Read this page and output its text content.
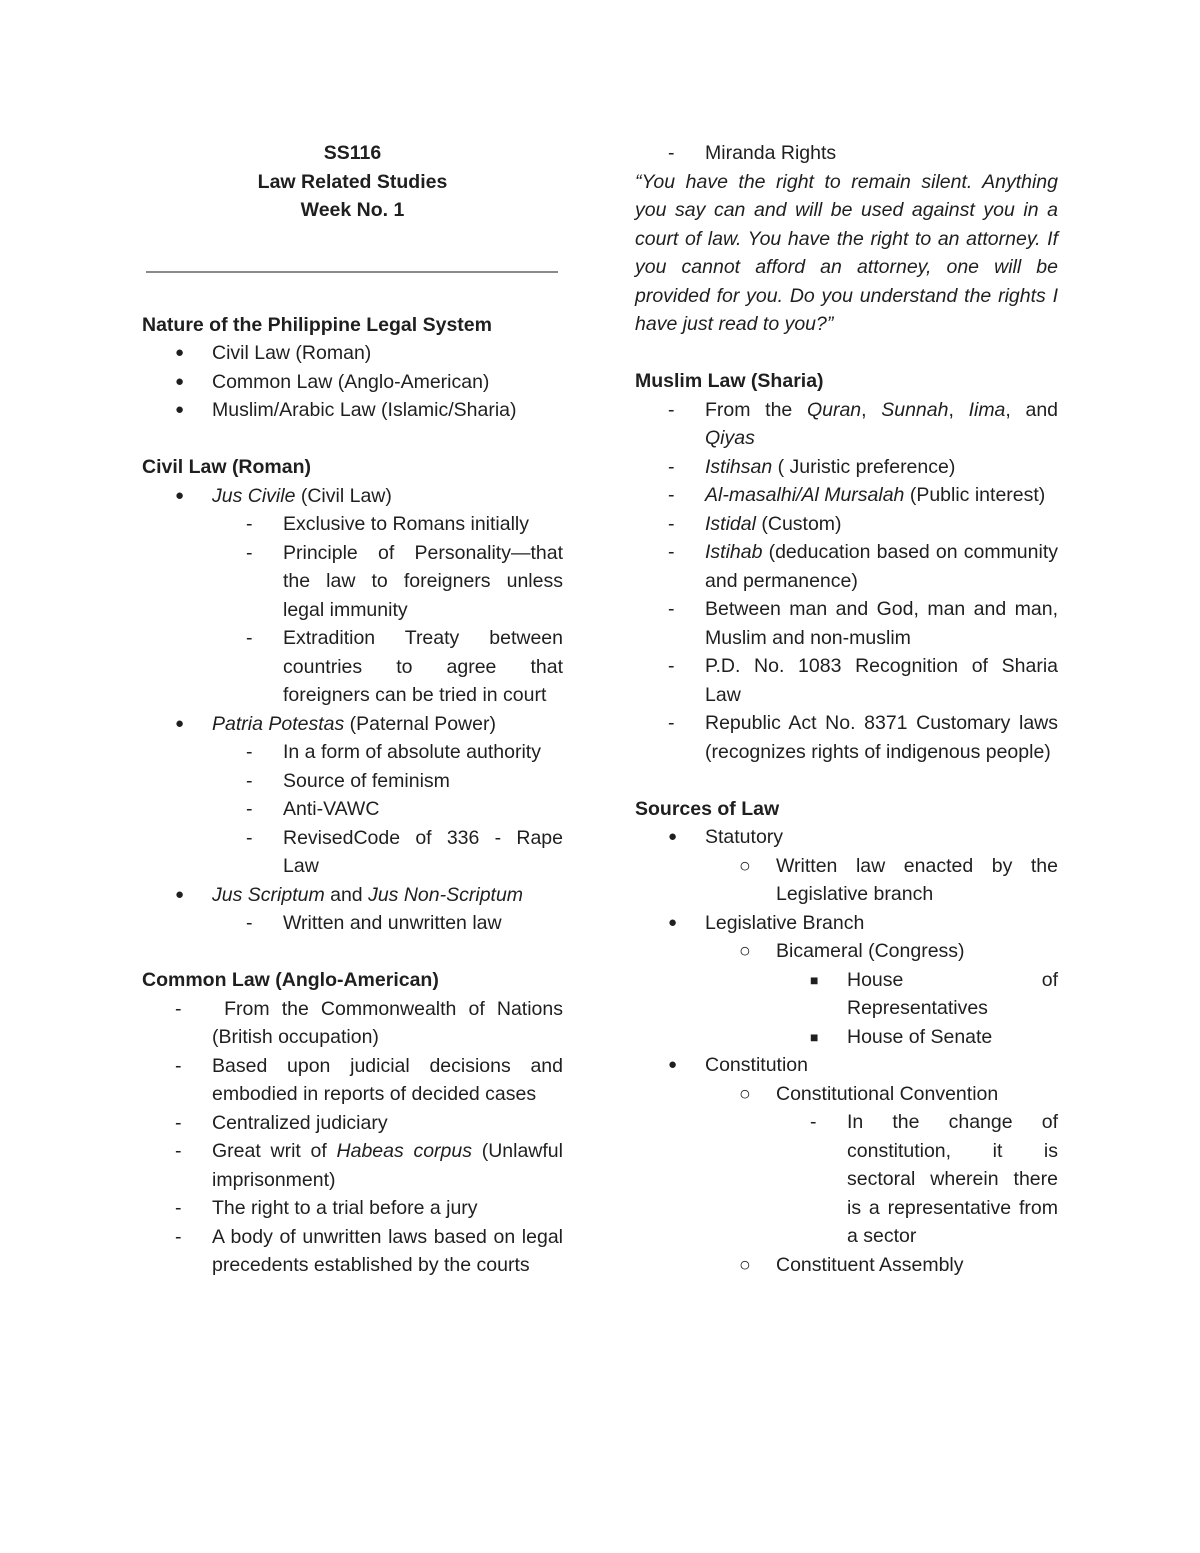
SS116
Law Related Studies
Week No. 1
Nature of the Philippine Legal System
●	Civil Law (Roman)
●	Common Law (Anglo-American)
●	Muslim/Arabic Law (Islamic/Sharia)
Civil Law (Roman)
●	Jus Civile (Civil Law)
-	Exclusive to Romans initially
-	Principle of Personality—that the law to foreigners unless legal immunity
-	Extradition Treaty between countries to agree that foreigners can be tried in court
●	Patria Potestas (Paternal Power)
-	In a form of absolute authority
-	Source of feminism
-	Anti-VAWC
-	RevisedCode of 336 - Rape Law
●	Jus Scriptum and Jus Non-Scriptum
-	Written and unwritten law
Common Law (Anglo-American)
-	From the Commonwealth of Nations (British occupation)
-	Based upon judicial decisions and embodied in reports of decided cases
-	Centralized judiciary
-	Great writ of Habeas corpus (Unlawful imprisonment)
-	The right to a trial before a jury
-	A body of unwritten laws based on legal precedents established by the courts
-	Miranda Rights
“You have the right to remain silent. Anything you say can and will be used against you in a court of law. You have the right to an attorney. If you cannot afford an attorney, one will be provided for you. Do you understand the rights I have just read to you?”
Muslim Law (Sharia)
-	From the Quran, Sunnah, Iima, and Qiyas
-	Istihsan ( Juristic preference)
-	Al-masalhi/Al Mursalah (Public interest)
-	Istidal (Custom)
-	Istihab (deducation based on community and permanence)
-	Between man and God, man and man, Muslim and non-muslim
-	P.D. No. 1083 Recognition of Sharia Law
-	Republic Act No. 8371 Customary laws (recognizes rights of indigenous people)
Sources of Law
●	Statutory
○	Written law enacted by the Legislative branch
●	Legislative Branch
○	Bicameral (Congress)
■	House of Representatives
■	House of Senate
●	Constitution
○	Constitutional Convention
-	In the change of constitution, it is sectoral wherein there is a representative from a sector
○	Constituent Assembly
